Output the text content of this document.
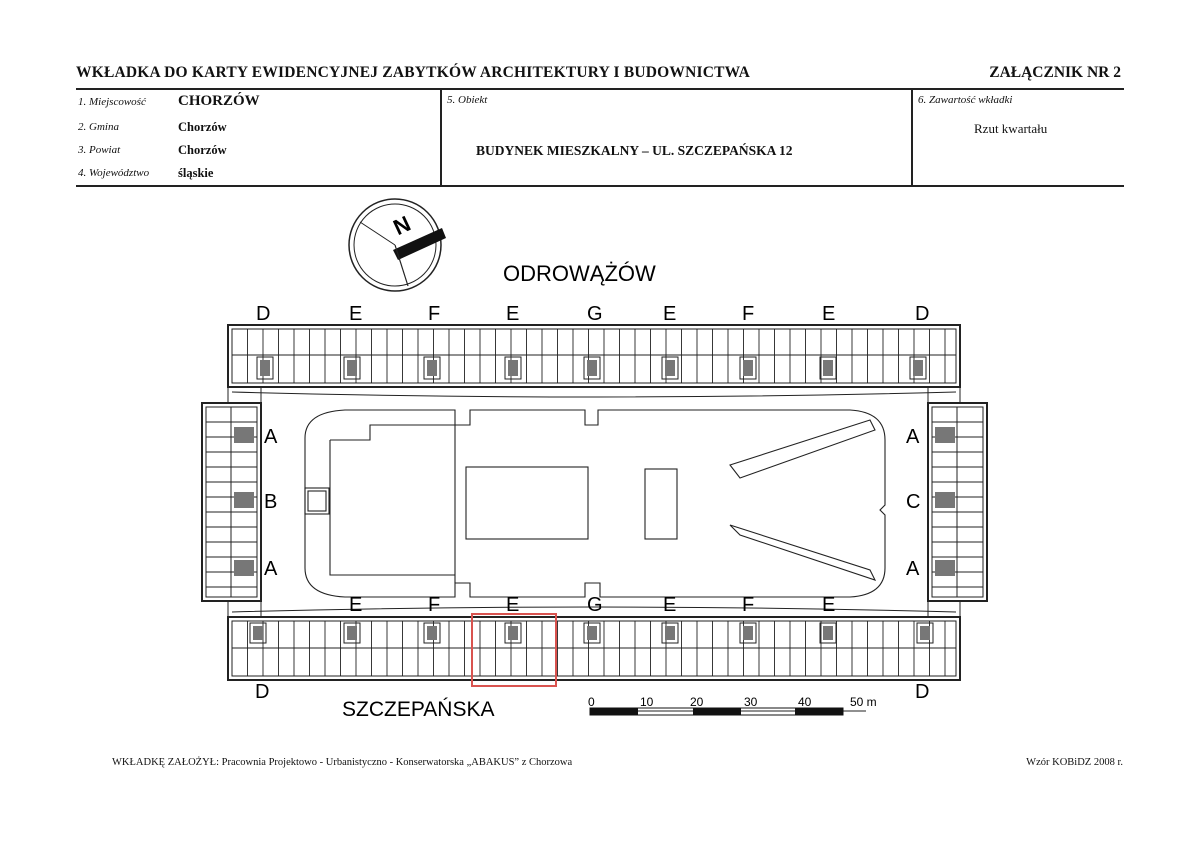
WKŁADKA DO KARTY EWIDENCYJNEJ ZABYTKÓW ARCHITEKTURY I BUDOWNICTWA	ZAŁĄCZNIK NR 2
1. Miejscowość CHORZÓW
2. Gmina	Chorzów
3. Powiat	Chorzów
4. Województwo śląskie
5. Obiekt
BUDYNEK MIESZKALNY – UL. SZCZEPAŃSKA 12
6. Zawartość wkładki
Rzut kwartału
N
ODROWĄŻÓW
SZCZEPAŃSKA
D	E	F	E	G	E	F	E	D
E	F	E	G	E	F	E
D	D
A
B
A
A
C
A
0	10	20	30	40	50 m
WKŁADKĘ ZAŁOŻYŁ: Pracownia Projektowo - Urbanistyczno - Konserwatorska „ABAKUS” z Chorzowa	Wzór KOBiDZ 2008 r.
